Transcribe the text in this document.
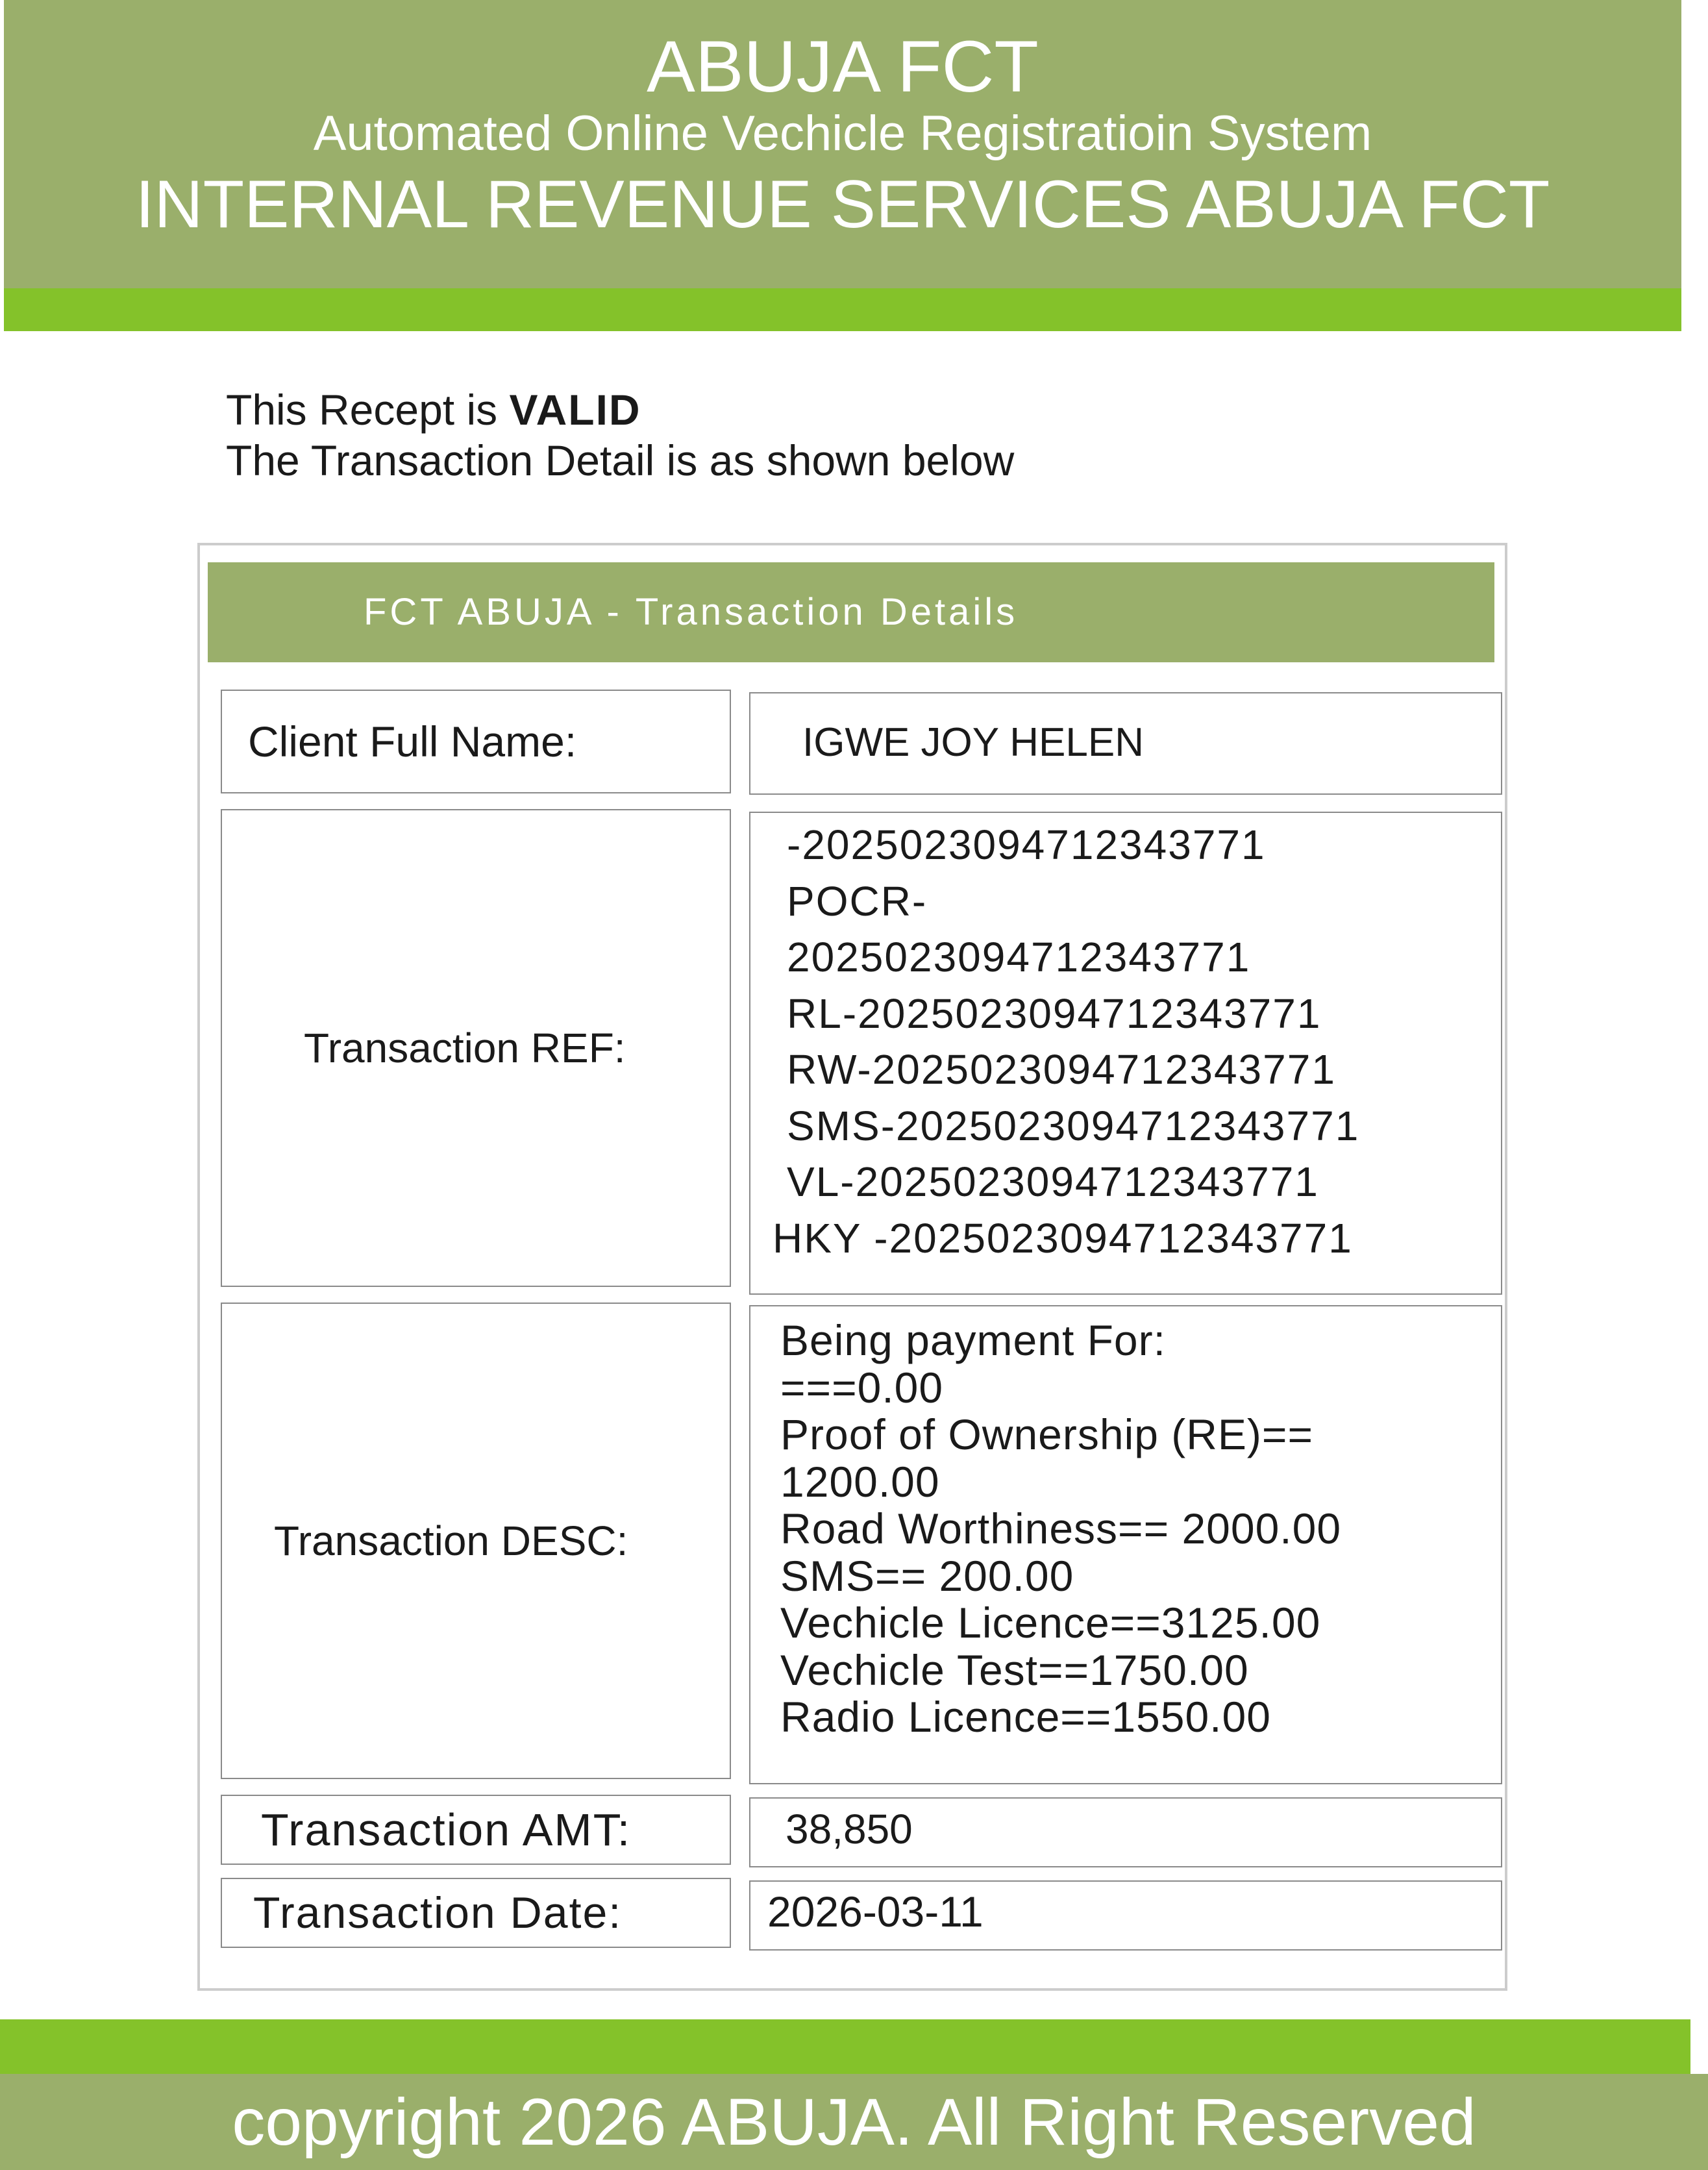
ABUJA FCT
Automated Online Vechicle Registratioin System
INTERNAL REVENUE SERVICES ABUJA FCT
This Recept is VALID
The Transaction Detail is as shown below
FCT ABUJA - Transaction Details
Client Full Name:	IGWE JOY HELEN
Transaction REF:
-2025023094712343771
POCR-
2025023094712343771
RL-2025023094712343771
RW-2025023094712343771
SMS-2025023094712343771
VL-2025023094712343771
HKY -2025023094712343771
Transaction DESC:
Being payment For:
===0.00
Proof of Ownership (RE)==
1200.00
Road Worthiness== 2000.00
SMS== 200.00
Vechicle Licence==3125.00
Vechicle Test==1750.00
Radio Licence==1550.00
Transaction AMT:	38,850
Transaction Date:	2026-03-11
copyright 2026 ABUJA. All Right Reserved
